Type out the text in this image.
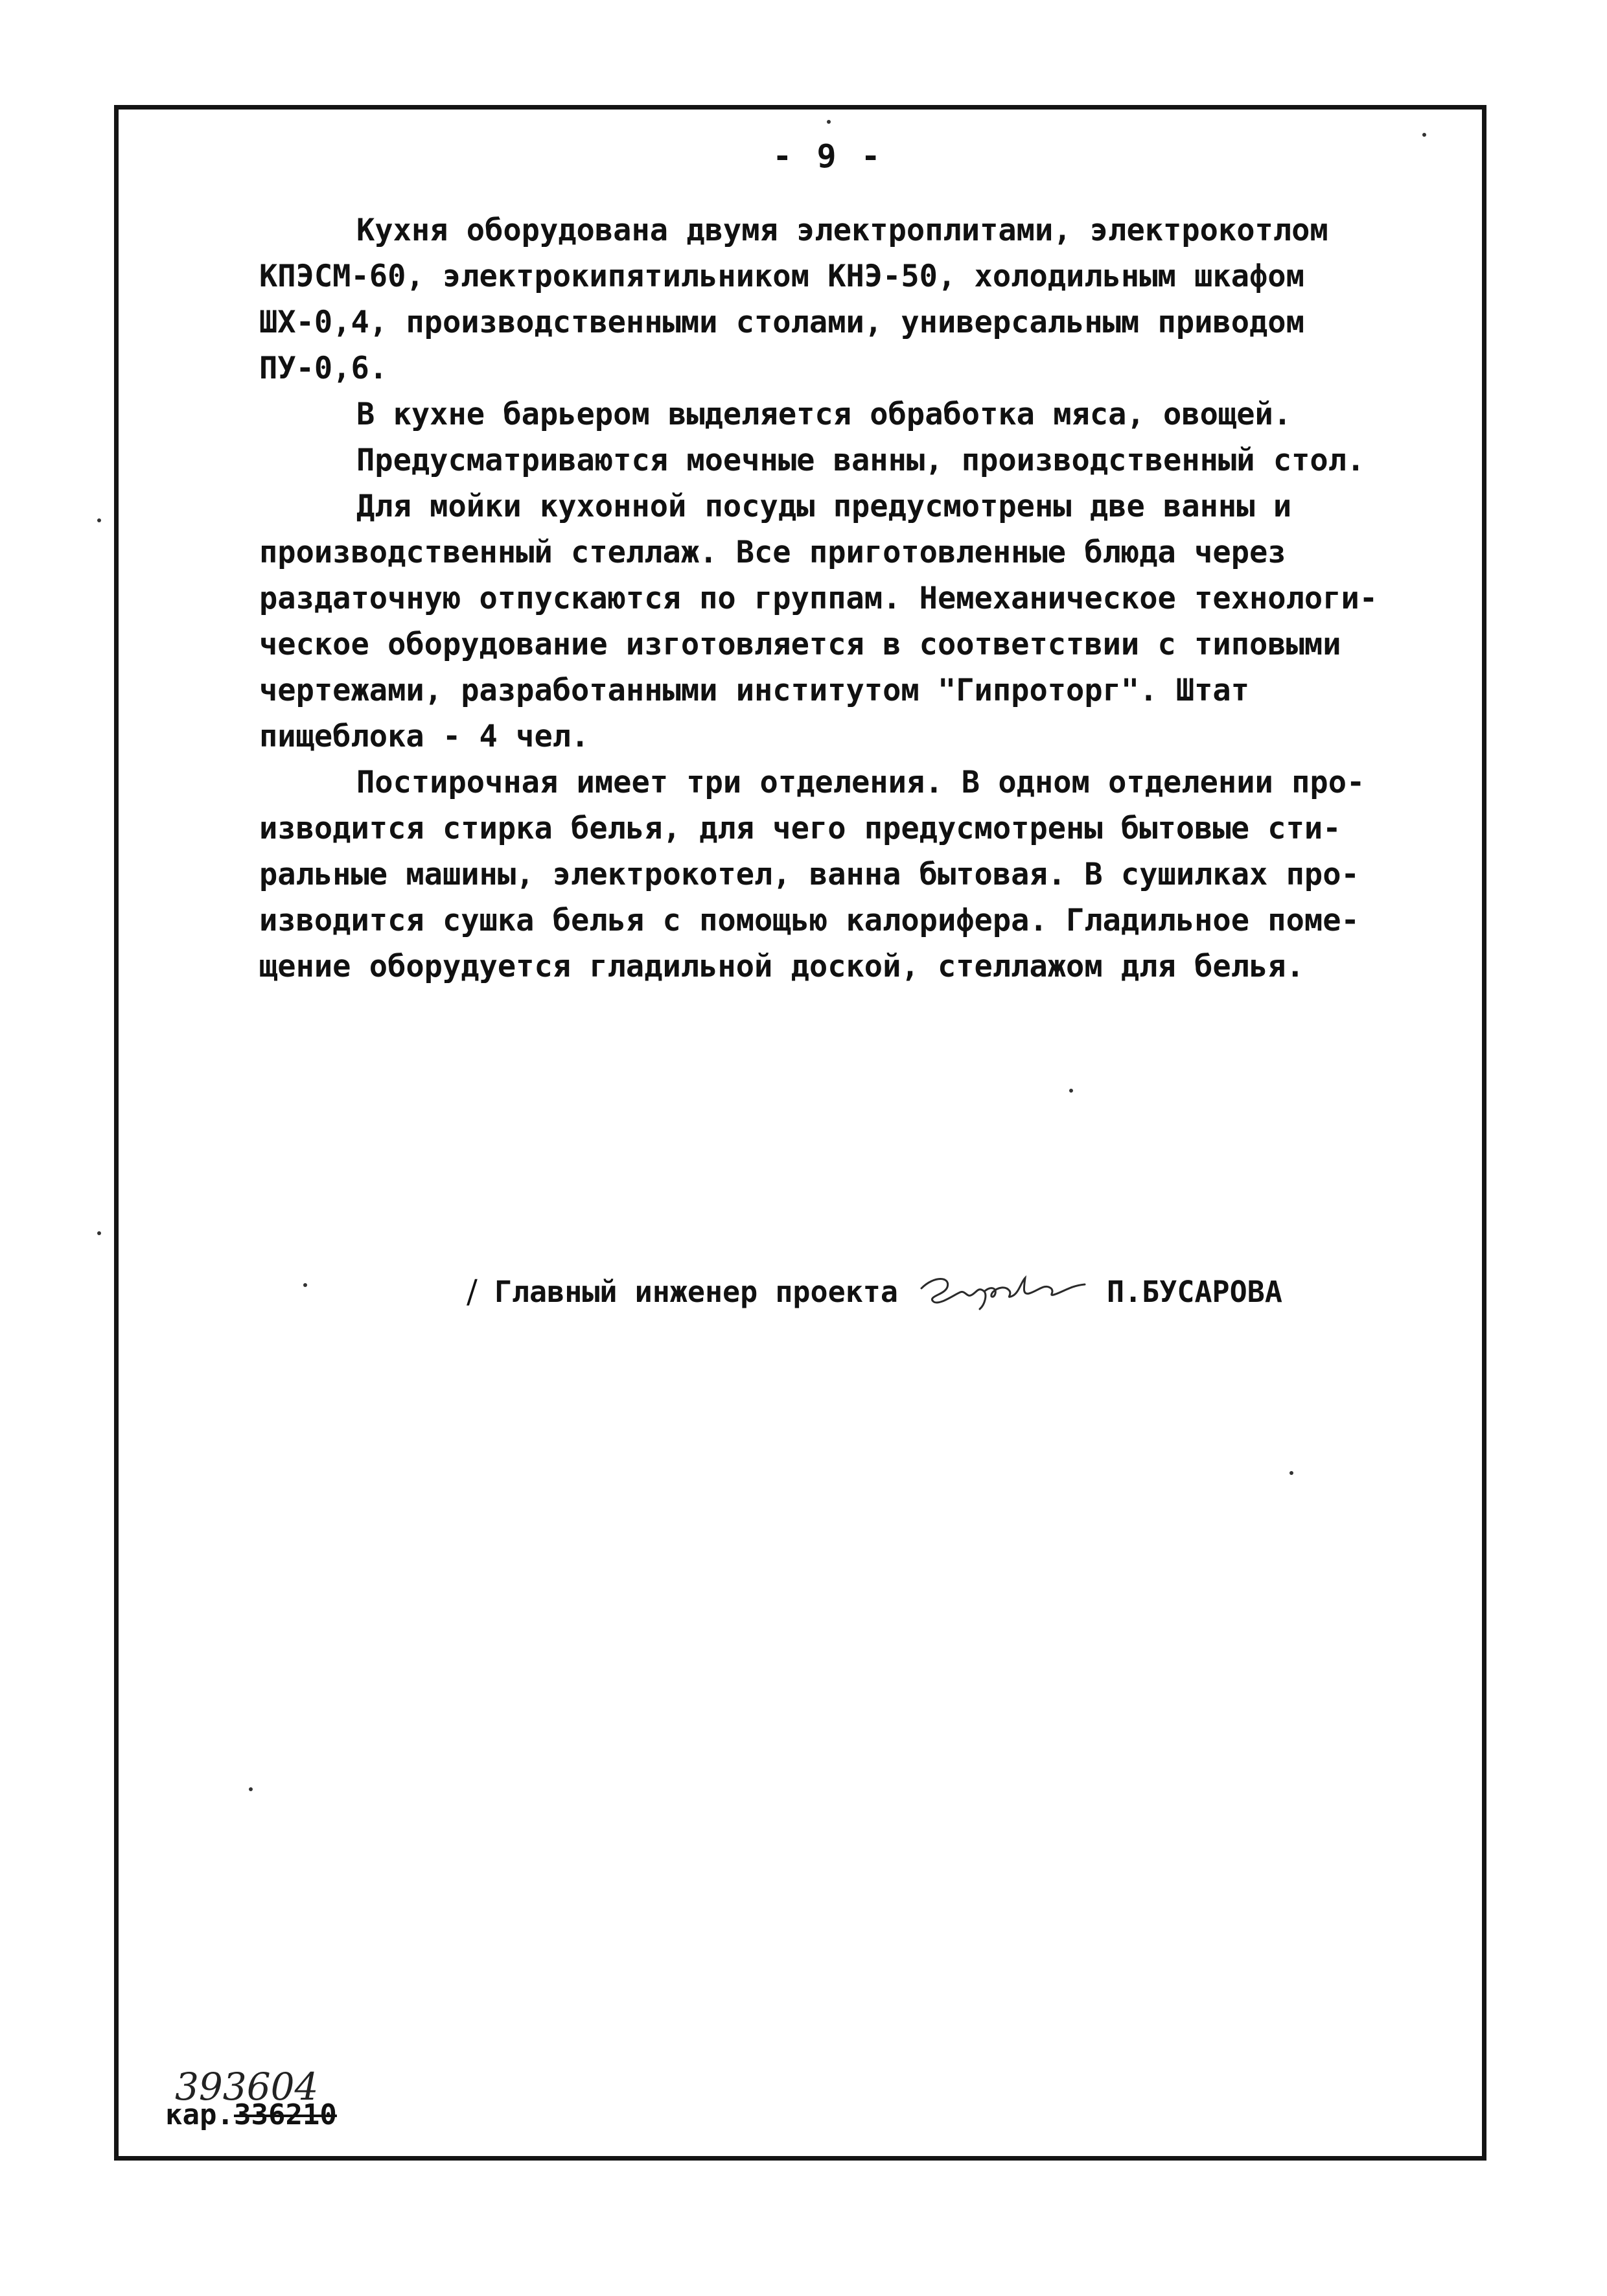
- 9 -

Кухня оборудована двумя электроплитами, электрокотлом
КПЭСМ-60, электрокипятильником КНЭ-50, холодильным шкафом
ШХ-0,4, производственными столами, универсальным приводом
ПУ-0,6.

В кухне барьером выделяется обработка мяса, овощей.

Предусматриваются моечные ванны, производственный стол.

Для мойки кухонной посуды предусмотрены две ванны и
производственный стеллаж. Все приготовленные блюда через
раздаточную отпускаются по группам. Немеханическое технологи-
ческое оборудование изготовляется в соответствии с типовыми
чертежами, разработанными институтом "Гипроторг". Штат
пищеблока - 4 чел.

Постирочная имеет три отделения. В одном отделении про-
изводится стирка белья, для чего предусмотрены бытовые сти-
ральные машины, электрокотел, ванна бытовая. В сушилках про-
изводится сушка белья с помощью калорифера. Гладильное поме-
щение оборудуется гладильной доской, стеллажом для белья.

/ Главный инженер проекта	П.БУСАРОВА
393604
кар.336210
